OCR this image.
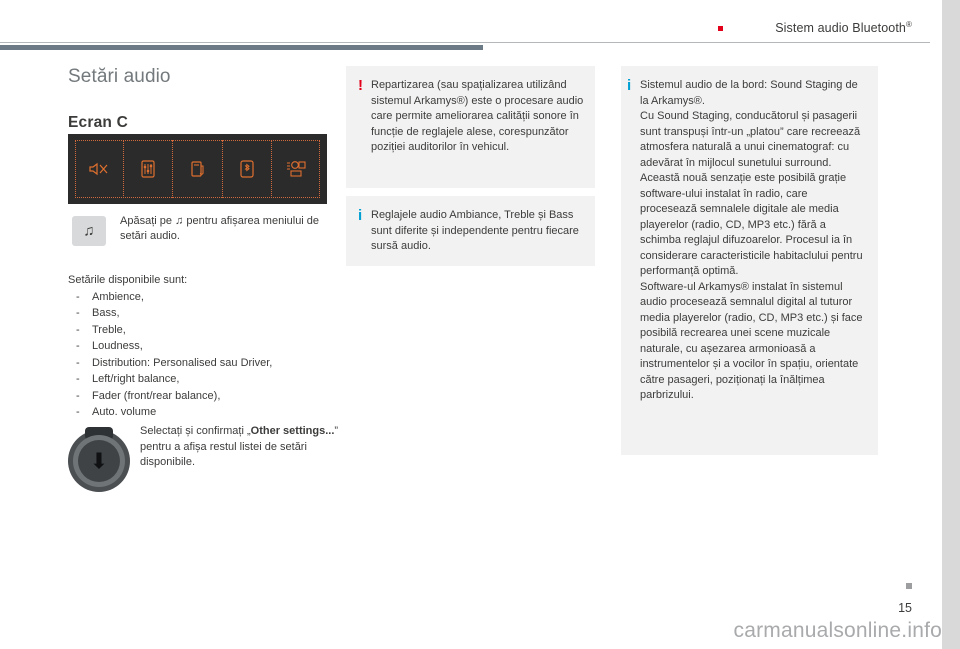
Sistem audio Bluetooth®
Setări audio
Ecran C
♫
Apăsați pe ♫ pentru afișarea meniului de setări audio.
Setările disponibile sunt:
- Ambience,
- Bass,
- Treble,
- Loudness,
- Distribution: Personalised sau Driver,
- Left/right balance,
- Fader (front/rear balance),
- Auto. volume
⬇
Selectați și confirmați „Other settings...” pentru a afișa restul listei de setări disponibile.
! Repartizarea (sau spațializarea utilizând sistemul Arkamys®) este o procesare audio care permite ameliorarea calității sonore în funcție de reglajele alese, corespunzător poziției auditorilor în vehicul.
i Reglajele audio Ambiance, Treble și Bass sunt diferite și independente pentru fiecare sursă audio.
i Sistemul audio de la bord: Sound Staging de la Arkamys®.
Cu Sound Staging, conducătorul și pasagerii sunt transpuși într-un „platou” care recreează atmosfera naturală a unui cinematograf: cu adevărat în mijlocul sunetului surround.
Această nouă senzație este posibilă grație software-ului instalat în radio, care procesează semnalele digitale ale media playerelor (radio, CD, MP3 etc.) fără a schimba reglajul difuzoarelor. Procesul ia în considerare caracteristicile habitaclului pentru performanță optimă.
Software-ul Arkamys® instalat în sistemul audio procesează semnalul digital al tuturor media playerelor (radio, CD, MP3 etc.) și face posibilă recrearea unei scene muzicale naturale, cu așezarea armonioasă a instrumentelor și a vocilor în spațiu, orientate către pasageri, poziționați la înălțimea parbrizului.
15
carmanualsonline.info
